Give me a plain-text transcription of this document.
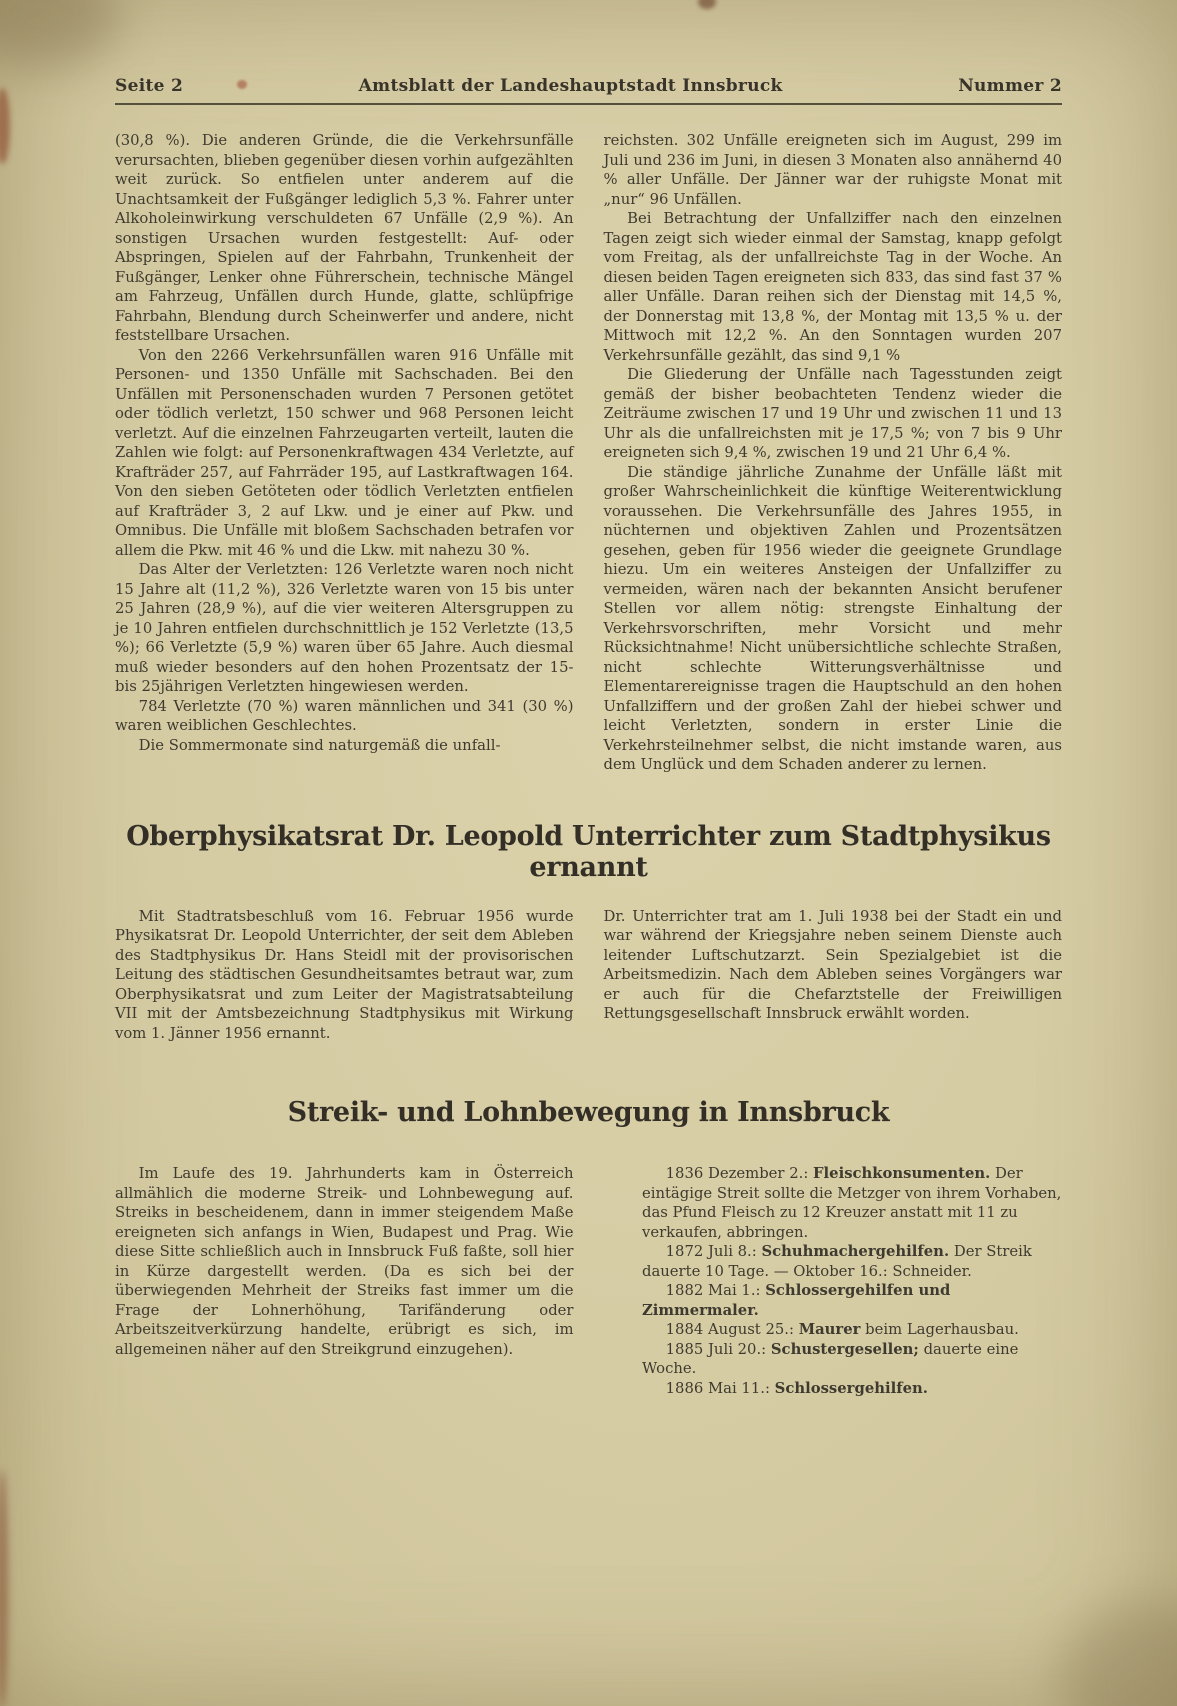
Seite 2	Amtsblatt der Landeshauptstadt Innsbruck	Nummer 2

(30,8 %). Die anderen Gründe, die die Verkehrsunfälle verursachten, blieben gegenüber diesen vorhin aufgezählten weit zurück. So entfielen unter anderem auf die Unachtsamkeit der Fußgänger lediglich 5,3 %. Fahrer unter Alkoholeinwirkung verschuldeten 67 Unfälle (2,9 %). An sonstigen Ursachen wurden festgestellt: Auf- oder Abspringen, Spielen auf der Fahrbahn, Trunkenheit der Fußgänger, Lenker ohne Führerschein, technische Mängel am Fahrzeug, Unfällen durch Hunde, glatte, schlüpfrige Fahrbahn, Blendung durch Scheinwerfer und andere, nicht feststellbare Ursachen.

Von den 2266 Verkehrsunfällen waren 916 Unfälle mit Personen- und 1350 Unfälle mit Sachschaden. Bei den Unfällen mit Personenschaden wurden 7 Personen getötet oder tödlich verletzt, 150 schwer und 968 Personen leicht verletzt. Auf die einzelnen Fahrzeugarten verteilt, lauten die Zahlen wie folgt: auf Personenkraftwagen 434 Verletzte, auf Krafträder 257, auf Fahrräder 195, auf Lastkraftwagen 164. Von den sieben Getöteten oder tödlich Verletzten entfielen auf Krafträder 3, 2 auf Lkw. und je einer auf Pkw. und Omnibus. Die Unfälle mit bloßem Sachschaden betrafen vor allem die Pkw. mit 46 % und die Lkw. mit nahezu 30 %.

Das Alter der Verletzten: 126 Verletzte waren noch nicht 15 Jahre alt (11,2 %), 326 Verletzte waren von 15 bis unter 25 Jahren (28,9 %), auf die vier weiteren Altersgruppen zu je 10 Jahren entfielen durchschnittlich je 152 Verletzte (13,5 %); 66 Verletzte (5,9 %) waren über 65 Jahre. Auch diesmal muß wieder besonders auf den hohen Prozentsatz der 15- bis 25jährigen Verletzten hingewiesen werden.

784 Verletzte (70 %) waren männlichen und 341 (30 %) waren weiblichen Geschlechtes.

Die Sommermonate sind naturgemäß die unfall-

reichsten. 302 Unfälle ereigneten sich im August, 299 im Juli und 236 im Juni, in diesen 3 Monaten also annähernd 40 % aller Unfälle. Der Jänner war der ruhigste Monat mit „nur“ 96 Unfällen.

Bei Betrachtung der Unfallziffer nach den einzelnen Tagen zeigt sich wieder einmal der Samstag, knapp gefolgt vom Freitag, als der unfallreichste Tag in der Woche. An diesen beiden Tagen ereigneten sich 833, das sind fast 37 % aller Unfälle. Daran reihen sich der Dienstag mit 14,5 %, der Donnerstag mit 13,8 %, der Montag mit 13,5 % u. der Mittwoch mit 12,2 %. An den Sonntagen wurden 207 Verkehrsunfälle gezählt, das sind 9,1 %

Die Gliederung der Unfälle nach Tagesstunden zeigt gemäß der bisher beobachteten Tendenz wieder die Zeiträume zwischen 17 und 19 Uhr und zwischen 11 und 13 Uhr als die unfallreichsten mit je 17,5 %; von 7 bis 9 Uhr ereigneten sich 9,4 %, zwischen 19 und 21 Uhr 6,4 %.

Die ständige jährliche Zunahme der Unfälle läßt mit großer Wahrscheinlichkeit die künftige Weiterentwicklung voraussehen. Die Verkehrsunfälle des Jahres 1955, in nüchternen und objektiven Zahlen und Prozentsätzen gesehen, geben für 1956 wieder die geeignete Grundlage hiezu. Um ein weiteres Ansteigen der Unfallziffer zu vermeiden, wären nach der bekannten Ansicht berufener Stellen vor allem nötig: strengste Einhaltung der Verkehrsvorschriften, mehr Vorsicht und mehr Rücksichtnahme! Nicht unübersichtliche schlechte Straßen, nicht schlechte Witterungsverhältnisse und Elementarereignisse tragen die Hauptschuld an den hohen Unfallziffern und der großen Zahl der hiebei schwer und leicht Verletzten, sondern in erster Linie die Verkehrsteilnehmer selbst, die nicht imstande waren, aus dem Unglück und dem Schaden anderer zu lernen.

Oberphysikatsrat Dr. Leopold Unterrichter zum Stadtphysikus ernannt

Mit Stadtratsbeschluß vom 16. Februar 1956 wurde Physikatsrat Dr. Leopold Unterrichter, der seit dem Ableben des Stadtphysikus Dr. Hans Steidl mit der provisorischen Leitung des städtischen Gesundheitsamtes betraut war, zum Oberphysikatsrat und zum Leiter der Magistratsabteilung VII mit der Amtsbezeichnung Stadtphysikus mit Wirkung vom 1. Jänner 1956 ernannt.

Dr. Unterrichter trat am 1. Juli 1938 bei der Stadt ein und war während der Kriegsjahre neben seinem Dienste auch leitender Luftschutzarzt. Sein Spezialgebiet ist die Arbeitsmedizin. Nach dem Ableben seines Vorgängers war er auch für die Chefarztstelle der Freiwilligen Rettungsgesellschaft Innsbruck erwählt worden.

Streik- und Lohnbewegung in Innsbruck

Im Laufe des 19. Jahrhunderts kam in Österreich allmählich die moderne Streik- und Lohnbewegung auf. Streiks in bescheidenem, dann in immer steigendem Maße ereigneten sich anfangs in Wien, Budapest und Prag. Wie diese Sitte schließlich auch in Innsbruck Fuß faßte, soll hier in Kürze dargestellt werden. (Da es sich bei der überwiegenden Mehrheit der Streiks fast immer um die Frage der Lohnerhöhung, Tarifänderung oder Arbeitszeitverkürzung handelte, erübrigt es sich, im allgemeinen näher auf den Streikgrund einzugehen).

1836 Dezember 2.: Fleischkonsumenten. Der eintägige Streit sollte die Metzger von ihrem Vorhaben, das Pfund Fleisch zu 12 Kreuzer anstatt mit 11 zu verkaufen, abbringen.

1872 Juli 8.: Schuhmachergehilfen. Der Streik dauerte 10 Tage. — Oktober 16.: Schneider.

1882 Mai 1.: Schlossergehilfen und Zimmermaler.

1884 August 25.: Maurer beim Lagerhausbau.

1885 Juli 20.: Schustergesellen; dauerte eine Woche.

1886 Mai 11.: Schlossergehilfen.
